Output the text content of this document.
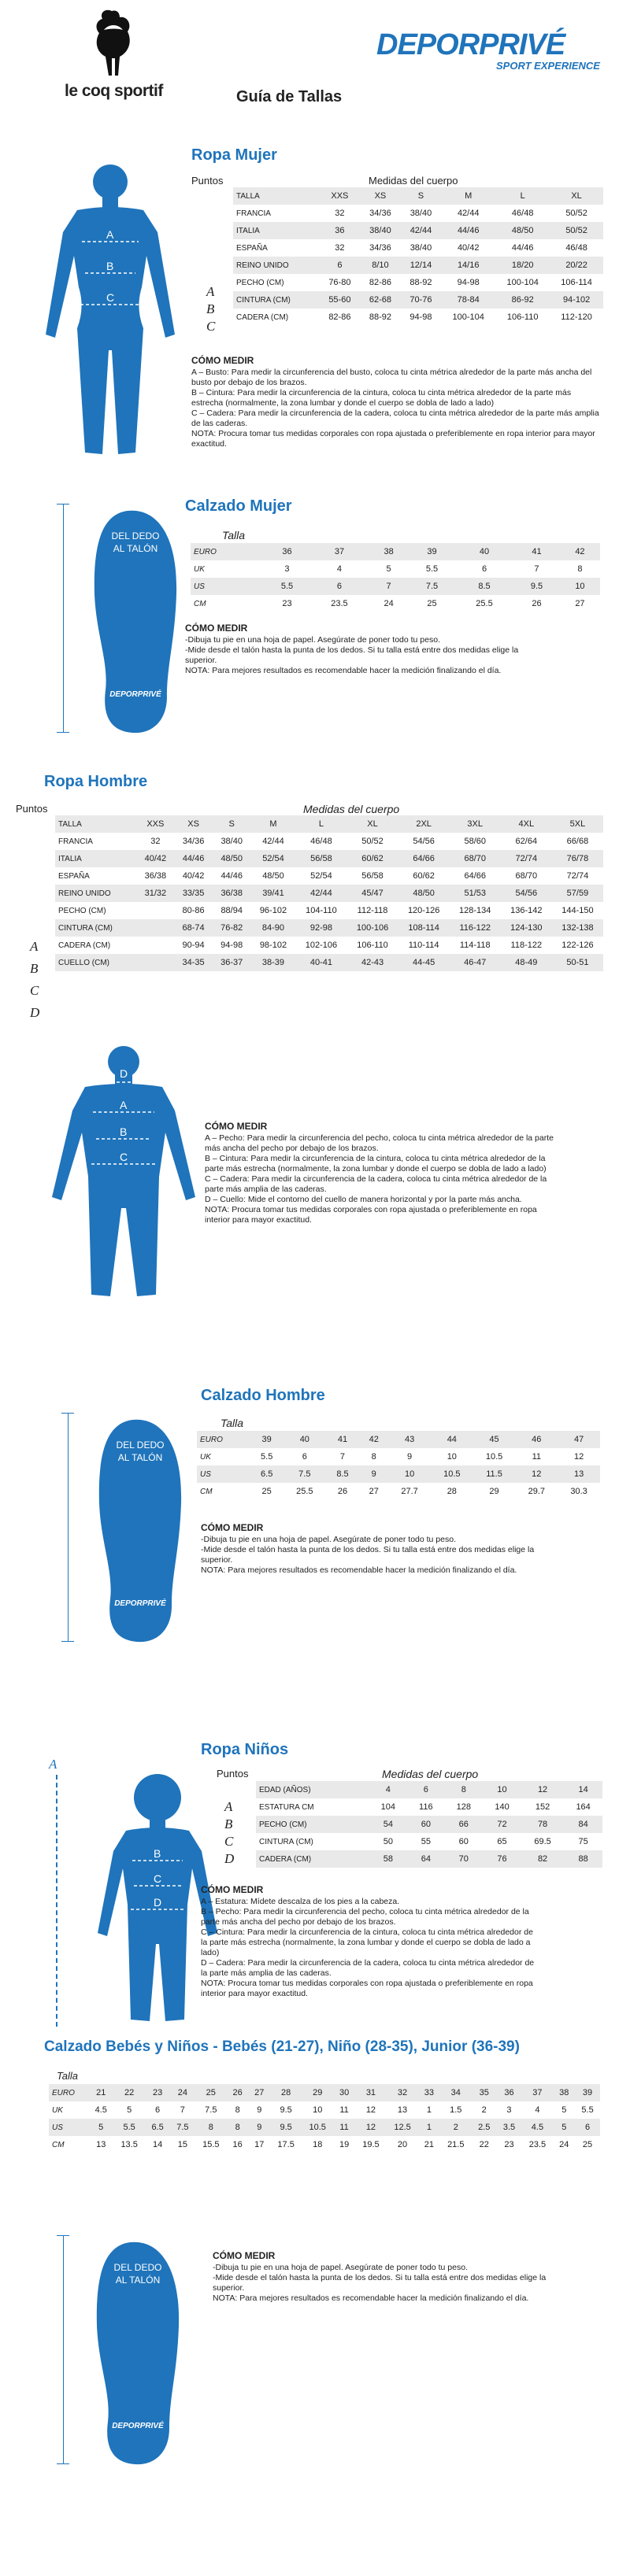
le coq sportif
DEPORPRIVÉ
SPORT EXPERIENCE
Guía de Tallas
A
B
C
Ropa Mujer
Puntos	Medidas del cuerpo
A
B
C
TALLA	XXS	XS	S	M	L	XL
FRANCIA	32	34/36	38/40	42/44	46/48	50/52
ITALIA	36	38/40	42/44	44/46	48/50	50/52
ESPAÑA	32	34/36	38/40	40/42	44/46	46/48
REINO UNIDO	6	8/10	12/14	14/16	18/20	20/22
PECHO (CM)	76-80	82-86	88-92	94-98	100-104	106-114
CINTURA (CM)	55-60	62-68	70-76	78-84	86-92	94-102
CADERA (CM)	82-86	88-92	94-98	100-104	106-110	112-120
CÓMO MEDIR
A – Busto: Para medir la circunferencia del busto, coloca tu cinta métrica alrededor de la parte más ancha del busto por debajo de los brazos.
B – Cintura: Para medir la circunferencia de la cintura, coloca tu cinta métrica alrededor de la parte más estrecha (normalmente, la zona lumbar y donde el cuerpo se dobla de lado a lado)
C – Cadera: Para medir la circunferencia de la cadera, coloca tu cinta métrica alrededor de la parte más amplia de las caderas.
NOTA: Procura tomar tus medidas corporales con ropa ajustada o preferiblemente en ropa interior para mayor exactitud.
DEL DEDO
AL TALÓN
DEPORPRIVÉ
Calzado Mujer
Talla
EURO	36	37	38	39	40	41	42
UK	3	4	5	5.5	6	7	8
US	5.5	6	7	7.5	8.5	9.5	10
CM	23	23.5	24	25	25.5	26	27
CÓMO MEDIR
-Dibuja tu pie en una hoja de papel. Asegúrate de poner todo tu peso.
-Mide desde el talón hasta la punta de los dedos. Si tu talla está entre dos medidas elige la superior.
NOTA: Para mejores resultados es recomendable hacer la medición finalizando el día.
Ropa Hombre
Puntos	Medidas del cuerpo
A
B
C
D
TALLA	XXS	XS	S	M	L	XL	2XL	3XL	4XL	5XL
FRANCIA	32	34/36	38/40	42/44	46/48	50/52	54/56	58/60	62/64	66/68
ITALIA	40/42	44/46	48/50	52/54	56/58	60/62	64/66	68/70	72/74	76/78
ESPAÑA	36/38	40/42	44/46	48/50	52/54	56/58	60/62	64/66	68/70	72/74
REINO UNIDO	31/32	33/35	36/38	39/41	42/44	45/47	48/50	51/53	54/56	57/59
PECHO (CM)		80-86	88/94	96-102	104-110	112-118	120-126	128-134	136-142	144-150
CINTURA (CM)		68-74	76-82	84-90	92-98	100-106	108-114	116-122	124-130	132-138
CADERA (CM)		90-94	94-98	98-102	102-106	106-110	110-114	114-118	118-122	122-126
CUELLO (CM)		34-35	36-37	38-39	40-41	42-43	44-45	46-47	48-49	50-51
D
A
B
C
CÓMO MEDIR
A – Pecho: Para medir la circunferencia del pecho, coloca tu cinta métrica alrededor de la parte más ancha del pecho por debajo de los brazos.
B – Cintura: Para medir la circunferencia de la cintura, coloca tu cinta métrica alrededor de la parte más estrecha (normalmente, la zona lumbar y donde el cuerpo se dobla de lado a lado)
C – Cadera: Para medir la circunferencia de la cadera, coloca tu cinta métrica alrededor de la parte más amplia de las caderas.
D – Cuello: Mide el contorno del cuello de manera horizontal y por la parte más ancha.
NOTA: Procura tomar tus medidas corporales con ropa ajustada o preferiblemente en ropa interior para mayor exactitud.
DEL DEDO
AL TALÓN
DEPORPRIVÉ
Calzado Hombre
Talla
EURO	39	40	41	42	43	44	45	46	47
UK	5.5	6	7	8	9	10	10.5	11	12
US	6.5	7.5	8.5	9	10	10.5	11.5	12	13
CM	25	25.5	26	27	27.7	28	29	29.7	30.3
CÓMO MEDIR
-Dibuja tu pie en una hoja de papel. Asegúrate de poner todo tu peso.
-Mide desde el talón hasta la punta de los dedos. Si tu talla está entre dos medidas elige la superior.
NOTA: Para mejores resultados es recomendable hacer la medición finalizando el día.
A
B
C
D
Ropa Niños
Puntos	Medidas del cuerpo
A
B
C
D
EDAD (AÑOS)	4	6	8	10	12	14
ESTATURA CM	104	116	128	140	152	164
PECHO (CM)	54	60	66	72	78	84
CINTURA (CM)	50	55	60	65	69.5	75
CADERA (CM)	58	64	70	76	82	88
CÓMO MEDIR
A – Estatura: Mídete descalza de los pies a la cabeza.
B – Pecho: Para medir la circunferencia del pecho, coloca tu cinta métrica alrededor de la parte más ancha del pecho por debajo de los brazos.
C – Cintura: Para medir la circunferencia de la cintura, coloca tu cinta métrica alrededor de la parte más estrecha (normalmente, la zona lumbar y donde el cuerpo se dobla de lado a lado)
D – Cadera: Para medir la circunferencia de la cadera, coloca tu cinta métrica alrededor de la parte más amplia de las caderas.
NOTA: Procura tomar tus medidas corporales con ropa ajustada o preferiblemente en ropa interior para mayor exactitud.
Calzado Bebés y Niños - Bebés (21-27), Niño (28-35), Junior (36-39)
Talla
EURO	21	22	23	24	25	26	27	28	29	30	31	32	33	34	35	36	37	38	39
UK	4.5	5	6	7	7.5	8	9	9.5	10	11	12	13	1	1.5	2	3	4	5	5.5
US	5	5.5	6.5	7.5	8	8	9	9.5	10.5	11	12	12.5	1	2	2.5	3.5	4.5	5	6
CM	13	13.5	14	15	15.5	16	17	17.5	18	19	19.5	20	21	21.5	22	23	23.5	24	25
DEL DEDO
AL TALÓN
DEPORPRIVÉ
CÓMO MEDIR
-Dibuja tu pie en una hoja de papel. Asegúrate de poner todo tu peso.
-Mide desde el talón hasta la punta de los dedos. Si tu talla está entre dos medidas elige la superior.
NOTA: Para mejores resultados es recomendable hacer la medición finalizando el día.
